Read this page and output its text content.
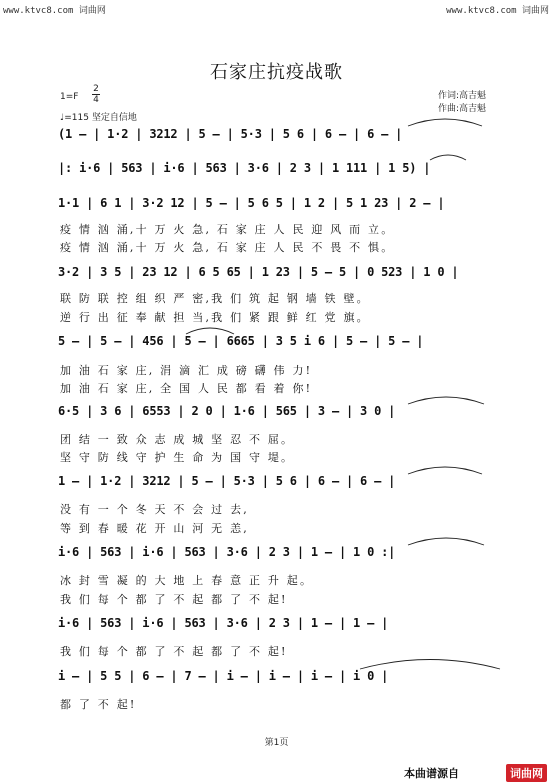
www.ktvc8.com 词曲网	www.ktvc8.com 词曲网
石家庄抗疫战歌
1=F
2
4
♩=115 坚定自信地
作词:高吉魁
作曲:高吉魁
(1 – | 1·2 | 3212 | 5 – | 5·3 | 5 6 | 6 – | 6 – |
|: i·6 | 563 | i·6 | 563 | 3·6 | 2 3 | 1 111 | 1 5) |
1·1 | 6 1 | 3·2 12 | 5 – | 5 6 5 | 1 2 | 5 1 23 | 2 – |
疫 情 汹 涌,十 万 火 急, 石 家 庄 人 民 迎 风 而 立。
疫 情 汹 涌,十 万 火 急, 石 家 庄 人 民 不 畏 不 惧。
3·2 | 3 5 | 23 12 | 6 5 65 | 1 23 | 5 – 5 | 0 523 | 1 0 |
联 防 联 控 组 织 严 密,我 们 筑 起 钢 墙 铁 壁。
逆 行 出 征 奉 献 担 当,我 们 紧 跟 鲜 红 党 旗。
5 – | 5 – | 456 | 5 – | 6665 | 3 5 i 6 | 5 – | 5 – |
加 油 石 家 庄, 涓 滴 汇 成 磅 礴 伟 力!
加 油 石 家 庄, 全 国 人 民 都 看 着 你!
6·5 | 3 6 | 6553 | 2 0 | 1·6 | 565 | 3 – | 3 0 |
团 结 一 致 众 志 成 城 坚 忍 不 屈。
坚 守 防 线 守 护 生 命 为 国 守 堤。
1 – | 1·2 | 3212 | 5 – | 5·3 | 5 6 | 6 – | 6 – |
没 有 一 个 冬 天 不 会 过 去,
等 到 春 暖 花 开 山 河 无 恙,
i·6 | 563 | i·6 | 563 | 3·6 | 2 3 | 1 – | 1 0 :|
冰 封 雪 凝 的 大 地 上 春 意 正 升 起。
我 们 每 个 都 了 不 起 都 了 不 起!
i·6 | 563 | i·6 | 563 | 3·6 | 2 3 | 1 – | 1 – |
我 们 每 个 都 了 不 起 都 了 不 起!
i – | 5 5 | 6 – | 7 – | i – | i – | i – | i 0 |
都 了 不 起!
第1页
本曲谱源自	词曲网
